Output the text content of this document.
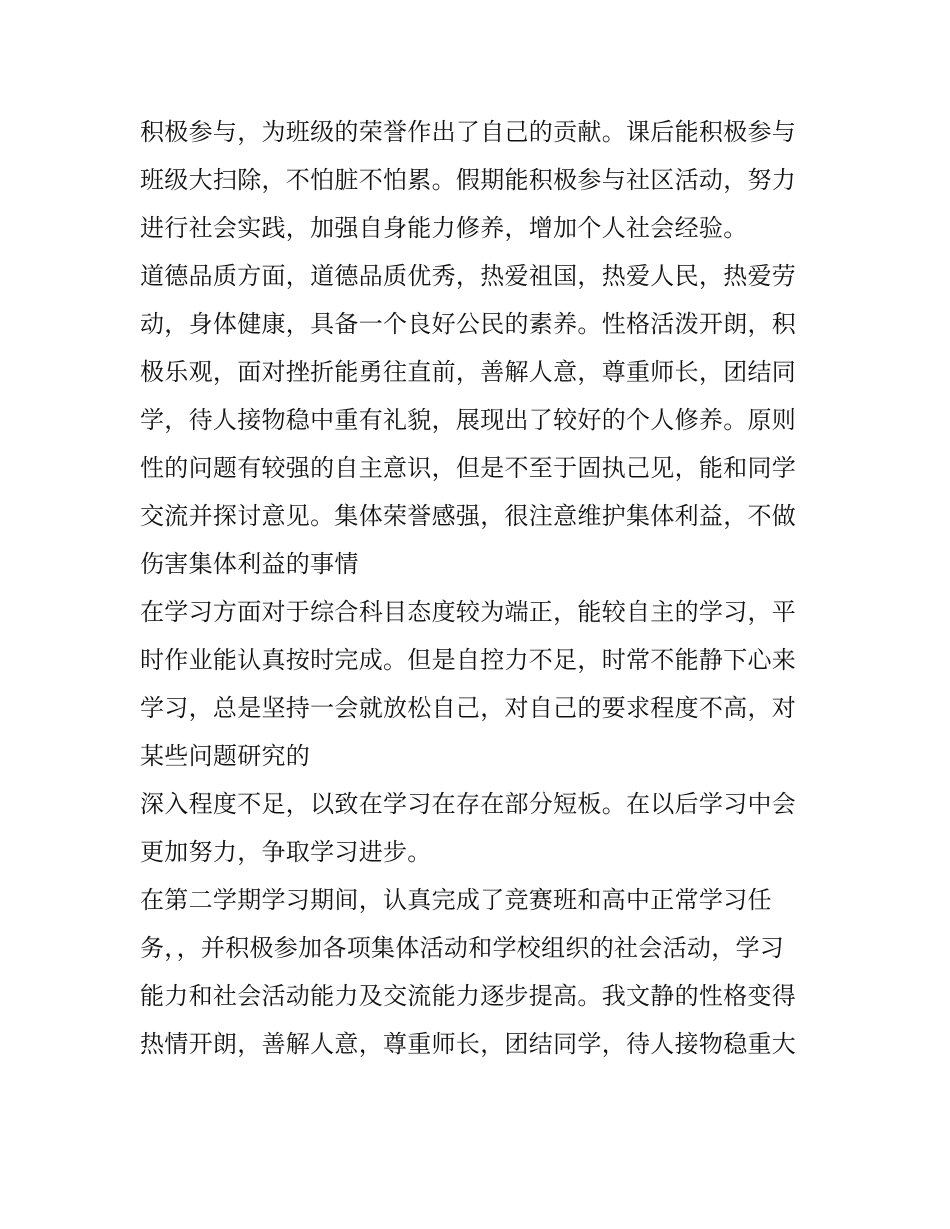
积极参与，为班级的荣誉作出了自己的贡献。课后能积极参与
班级大扫除，不怕脏不怕累。假期能积极参与社区活动，努力
进行社会实践，加强自身能力修养，增加个人社会经验。
道德品质方面，道德品质优秀，热爱祖国，热爱人民，热爱劳
动，身体健康，具备一个良好公民的素养。性格活泼开朗，积
极乐观，面对挫折能勇往直前，善解人意，尊重师长，团结同
学，待人接物稳中重有礼貌，展现出了较好的个人修养。原则
性的问题有较强的自主意识，但是不至于固执己见，能和同学
交流并探讨意见。集体荣誉感强，很注意维护集体利益，不做
伤害集体利益的事情
在学习方面对于综合科目态度较为端正，能较自主的学习，平
时作业能认真按时完成。但是自控力不足，时常不能静下心来
学习，总是坚持一会就放松自己，对自己的要求程度不高，对
某些问题研究的
深入程度不足，以致在学习在存在部分短板。在以后学习中会
更加努力，争取学习进步。
在第二学期学习期间，认真完成了竞赛班和高中正常学习任
务，，并积极参加各项集体活动和学校组织的社会活动，学习
能力和社会活动能力及交流能力逐步提高。我文静的性格变得
热情开朗，善解人意，尊重师长，团结同学，待人接物稳重大
